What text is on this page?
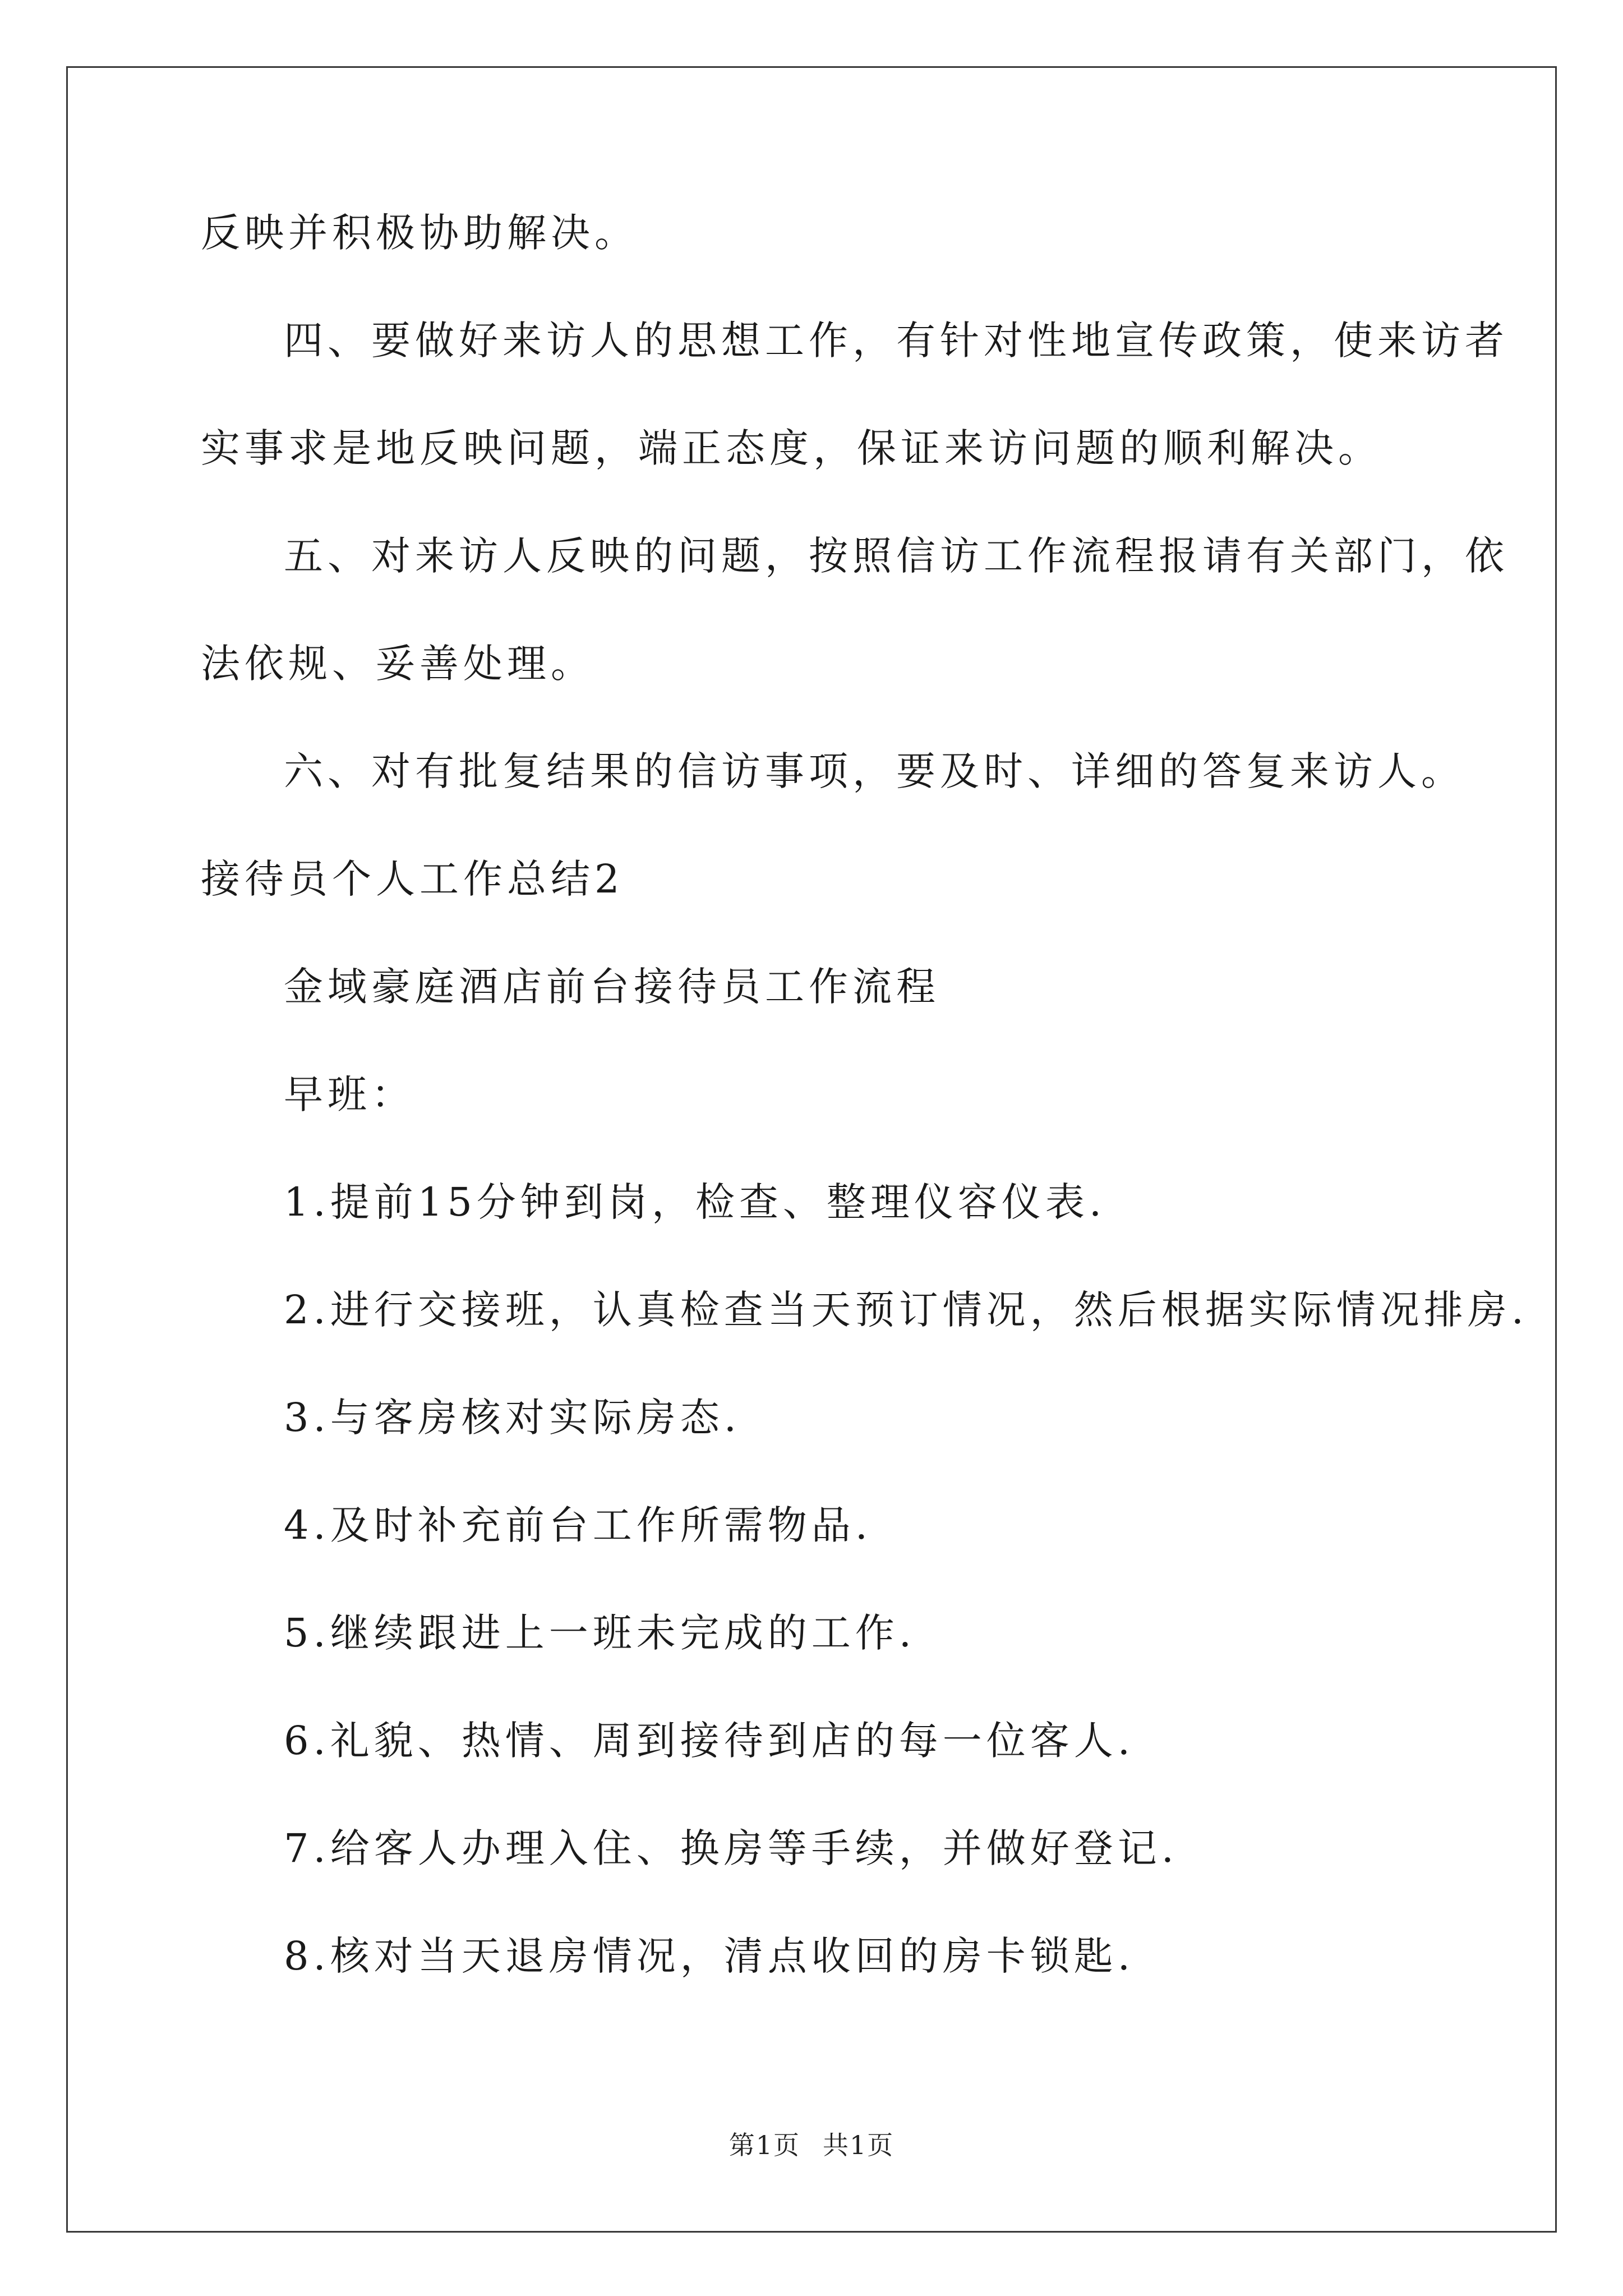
反映并积极协助解决。
四、要做好来访人的思想工作，有针对性地宣传政策，使来访者
实事求是地反映问题，端正态度，保证来访问题的顺利解决。
五、对来访人反映的问题，按照信访工作流程报请有关部门，依
法依规、妥善处理。
六、对有批复结果的信访事项，要及时、详细的答复来访人。
接待员个人工作总结2
金域豪庭酒店前台接待员工作流程
早班：
1.提前15分钟到岗，检查、整理仪容仪表.
2.进行交接班，认真检查当天预订情况，然后根据实际情况排房.
3.与客房核对实际房态.
4.及时补充前台工作所需物品.
5.继续跟进上一班未完成的工作.
6.礼貌、热情、周到接待到店的每一位客人.
7.给客人办理入住、换房等手续，并做好登记.
8.核对当天退房情况，清点收回的房卡锁匙.
第1页 共1页
